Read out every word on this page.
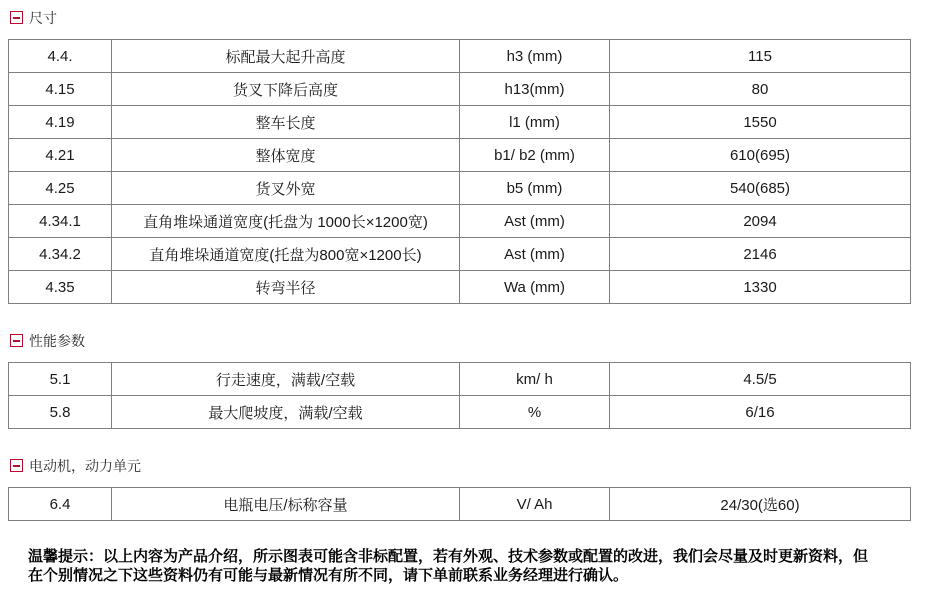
尺寸
4.4.	标配最大起升高度	h3 (mm)	115
4.15	货叉下降后高度	h13(mm)	80
4.19	整车长度	l1 (mm)	1550
4.21	整体宽度	b1/ b2 (mm)	610(695)
4.25	货叉外宽	b5 (mm)	540(685)
4.34.1	直角堆垛通道宽度(托盘为 1000长×1200宽)	Ast (mm)	2094
4.34.2	直角堆垛通道宽度(托盘为800宽×1200长)	Ast (mm)	2146
4.35	转弯半径	Wa (mm)	1330
性能参数
5.1	行走速度，满载/空载	km/ h	4.5/5
5.8	最大爬坡度，满载/空载	%	6/16
电动机，动力单元
6.4	电瓶电压/标称容量	V/ Ah	24/30(选60)
温馨提示：以上内容为产品介绍，所示图表可能含非标配置，若有外观、技术参数或配置的改进，我们会尽量及时更新资料，但
在个别情况之下这些资料仍有可能与最新情况有所不同，请下单前联系业务经理进行确认。
